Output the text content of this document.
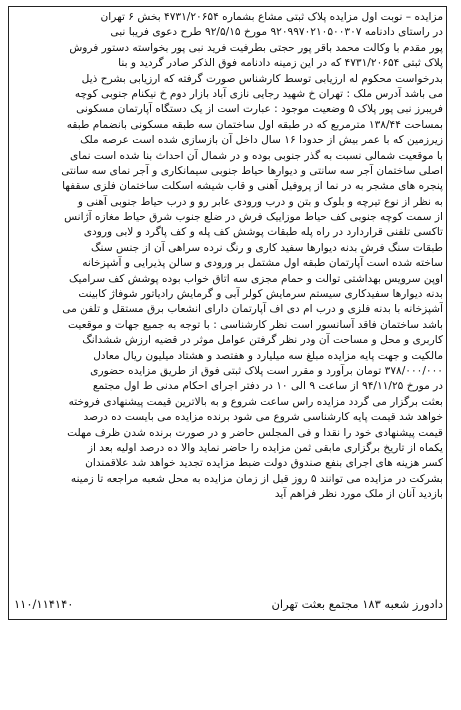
مزایده – نوبت اول مزایده پلاک ثبتی مشاع بشماره ۴۷۳۱/۲۰۶۵۴ بخش ۶ تهران
در راستای دادنامه ۹۲۰۹۹۷۰۲۱۰۵۰۰۳۰۷ مورخ ۹۲/۵/۱۵ طرح دعوی فریبا نبی
پور مقدم با وکالت محمد باقر پور حجتی بطرفیت فرید نبی پور بخواسته دستور فروش
پلاک ثبتی ۴۷۳۱/۲۰۶۵۴ که در این زمینه دادنامه فوق الذکر صادر گردید و بنا
بدرخواست محکوم له ارزیابی توسط کارشناس صورت گرفته که ارزیابی بشرح ذیل
می باشد آدرس ملک : تهران خ شهید رجایی نازی آباد بازار دوم خ نیکنام جنوبی کوچه
فریبرز نبی پور پلاک ۵ وضعیت موجود : عبارت است از یک دستگاه آپارتمان مسکونی
بمساحت ۱۳۸/۴۴ مترمربع که در طبقه اول ساختمان سه طبقه مسکونی بانضمام طبقه
زیرزمین که با عمر بیش از حدودا ۱۶ سال داخل آن بازسازی شده است عرصه ملک
با موقعیت شمالی نسبت به گذر جنوبی بوده و در شمال آن احداث بنا شده است نمای
اصلی ساختمان آجر سه سانتی و دیوارها حیاط جنوبی سیمانکاری و آجر نمای سه سانتی
پنجره های مشجر به در نما از پروفیل آهنی و قاب شیشه اسکلت ساختمان فلزی سقفها
به نظر از نوع تیرچه و بلوک و بتن و درب ورودی عابر رو و درب حیاط جنوبی آهنی و
از سمت کوچه جنوبی کف حیاط موزاییک فرش در ضلع جنوب شرق حیاط مغازه آژانس
تاکسی تلفنی قراردارد در راه پله طبقات پوشش کف پله و کف پاگرد و لابی ورودی
طبقات سنگ فرش بدنه دیوارها سفید کاری و رنگ نرده سراهی آن از جنس سنگ
ساخته شده است آپارتمان طبقه اول مشتمل بر ورودی و سالن پذیرایی و آشپزخانه
اوپن سرویس بهداشتی توالت و حمام مجزی سه اتاق خواب بوده پوشش کف سرامیک
بدنه دیوارها سفیدکاری سیستم سرمایش کولر آبی و گرمایش رادیاتور شوفاژ کابینت
آشپزخانه با بدنه فلزی و درب ام دی اف آپارتمان دارای انشعاب برق مستقل و تلفن می
باشد ساختمان فاقد آسانسور است نظر کارشناسی : با توجه به جمیع جهات و موقعیت
کاربری و محل و مساحت آن ودر نظر گرفتن عوامل موثر در قضیه ارزش ششدانگ
مالکیت و جهت پایه مزایده مبلغ سه میلیارد و هفتصد و هشتاد میلیون ریال معادل
۳۷۸/۰۰۰/۰۰۰ تومان برآورد و مقرر است پلاک ثبتی فوق از طریق مزایده حضوری
در مورخ ۹۴/۱۱/۲۵ از ساعت ۹ الی ۱۰ در دفتر اجرای احکام مدنی ط اول مجتمع
بعثت برگزار می گردد مزایده راس ساعت شروع و به بالاترین قیمت پیشنهادی فروخته
خواهد شد قیمت پایه کارشناسی شروع می شود برنده مزایده می بایست ده درصد
قیمت پیشنهادی خود را نقدا و فی المجلس حاضر و در صورت برنده شدن ظرف مهلت
یکماه از تاریخ برگزاری مابقی ثمن مزایده را حاضر نماید والا ده درصد اولیه بعد از
کسر هزینه های اجرای بنفع صندوق دولت ضبط مزایده تجدید خواهد شد علاقمندان
بشرکت در مزایده می توانند ۵ روز قبل از زمان مزایده به محل شعبه مراجعه تا زمینه
بازدید آنان از ملک مورد نظر فراهم آید
دادورز شعبه ۱۸۳ مجتمع بعثت تهران
۱۱۰/۱۱۴۱۴۰
